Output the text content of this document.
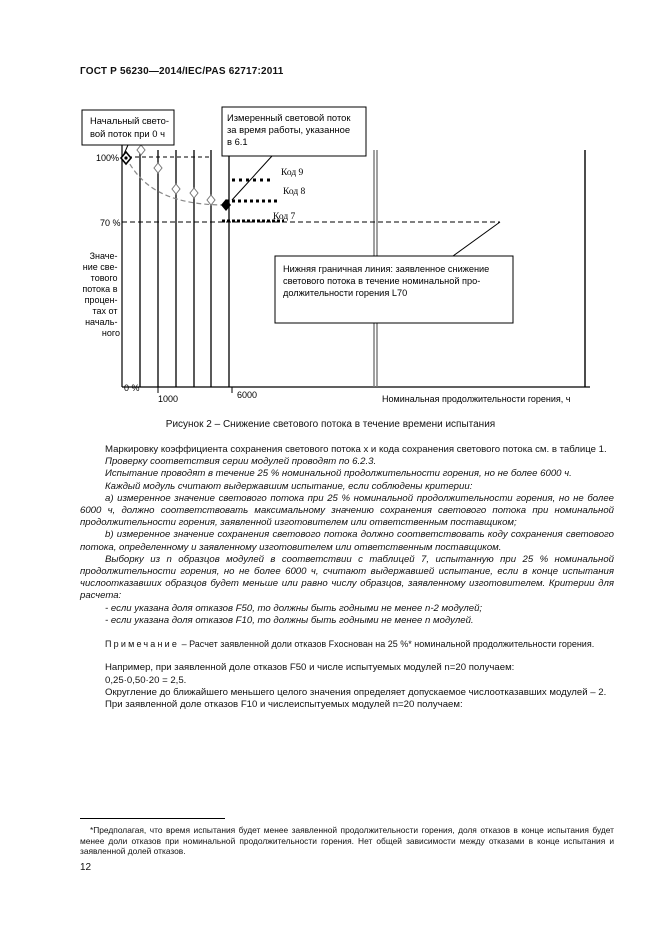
ГОСТ Р 56230—2014/IEC/PAS 62717:2011
Код 9
Код 8
Код 7
Начальный свето- вой поток при 0 ч
Измеренный световой поток за время работы, указанное в 6.1
Нижняя граничная линия: заявленное снижение светового потока в течение номинальной про- должительности горения L70
100%
70 %
0 %
Значе- ние све- тового потока в процен- тах от началь- ного
1000	6000	Номинальная продолжительности горения, ч
Рисунок 2 – Снижение светового потока в течение времени испытания

Маркировку коэффициента сохранения светового потока x и кода сохранения светового потока см. в таблице 1.

Проверку соответствия серии модулей проводят по 6.2.3.

Испытание проводят в течение 25 % номинальной продолжительности горения, но не более 6000 ч.

Каждый модуль считают выдержавшим испытание, если соблюдены критерии:

а) измеренное значение светового потока при 25 % номинальной продолжительности горения, но не более 6000 ч, должно соответствовать максимальному значению сохранения светового потока при номинальной продолжительности горения, заявленной изготовителем или ответственным поставщиком;

b) измеренное значение сохранения светового потока должно соответствовать коду сохранения светового потока, определенному и заявленному изготовителем или ответственным поставщиком.

Выборку из n образцов модулей в соответствии с таблицей 7, испытанную при 25 % номинальной продолжительности горения, но не более 6000 ч, считают выдержавшей испытание, если в конце испытания числоотказавших образцов будет меньше или равно числу образцов, заявленному изготовителем. Критерии для расчета:

- если указана доля отказов F50, то должны быть годными не менее n-2 модулей;

- если указана доля отказов F10, то должны быть годными не менее n модулей.

Примечание – Расчет заявленной доли отказов Fxоснован на 25 %* номинальной продолжительности горения.

Например, при заявленной доле отказов F50 и числе испытуемых модулей n=20 получаем:

0,25·0,50·20 = 2,5.

Округление до ближайшего меньшего целого значения определяет допускаемое числоотказавших модулей – 2.

При заявленной доле отказов F10 и числеиспытуемых модулей n=20 получаем:

*Предполагая, что время испытания будет менее заявленной продолжительности горения, доля отказов в конце испытания будет менее доли отказов при номинальной продолжительности горения. Нет общей зависимости между отказами в конце испытания и заявленной долей отказов.
12
